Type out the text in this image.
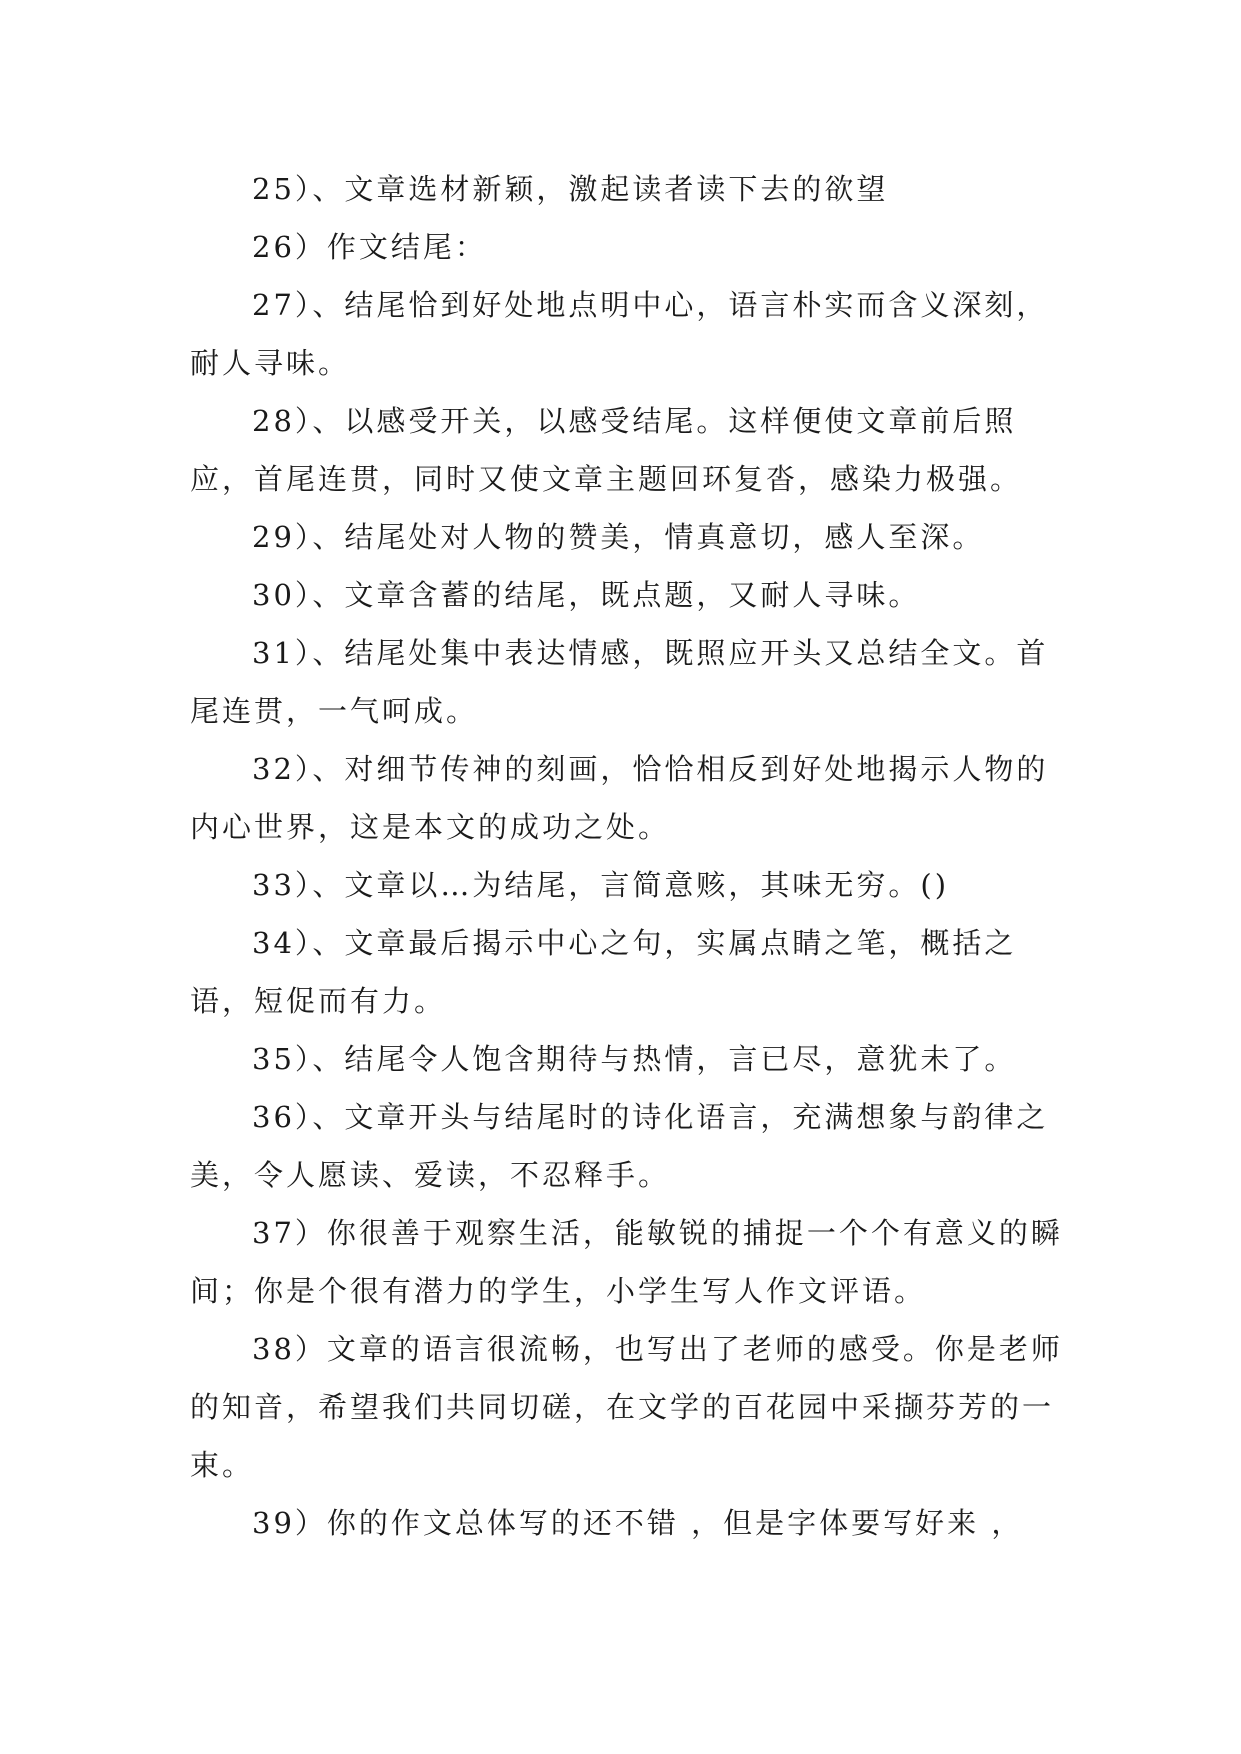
25）、文章选材新颖，激起读者读下去的欲望

26）作文结尾：

27）、结尾恰到好处地点明中心，语言朴实而含义深刻，耐人寻味。

28）、以感受开关，以感受结尾。这样便使文章前后照应，首尾连贯，同时又使文章主题回环复沓，感染力极强。

29）、结尾处对人物的赞美，情真意切，感人至深。

30）、文章含蓄的结尾，既点题，又耐人寻味。

31）、结尾处集中表达情感，既照应开头又总结全文。首尾连贯，一气呵成。

32）、对细节传神的刻画，恰恰相反到好处地揭示人物的内心世界，这是本文的成功之处。

33）、文章以…为结尾，言简意赅，其味无穷。()

34）、文章最后揭示中心之句，实属点睛之笔，概括之语，短促而有力。

35）、结尾令人饱含期待与热情，言已尽，意犹未了。

36）、文章开头与结尾时的诗化语言，充满想象与韵律之美，令人愿读、爱读，不忍释手。

37）你很善于观察生活，能敏锐的捕捉一个个有意义的瞬间；你是个很有潜力的学生，小学生写人作文评语。

38）文章的语言很流畅，也写出了老师的感受。你是老师的知音，希望我们共同切磋，在文学的百花园中采撷芬芳的一束。

39）你的作文总体写的还不错 ，但是字体要写好来 ，
